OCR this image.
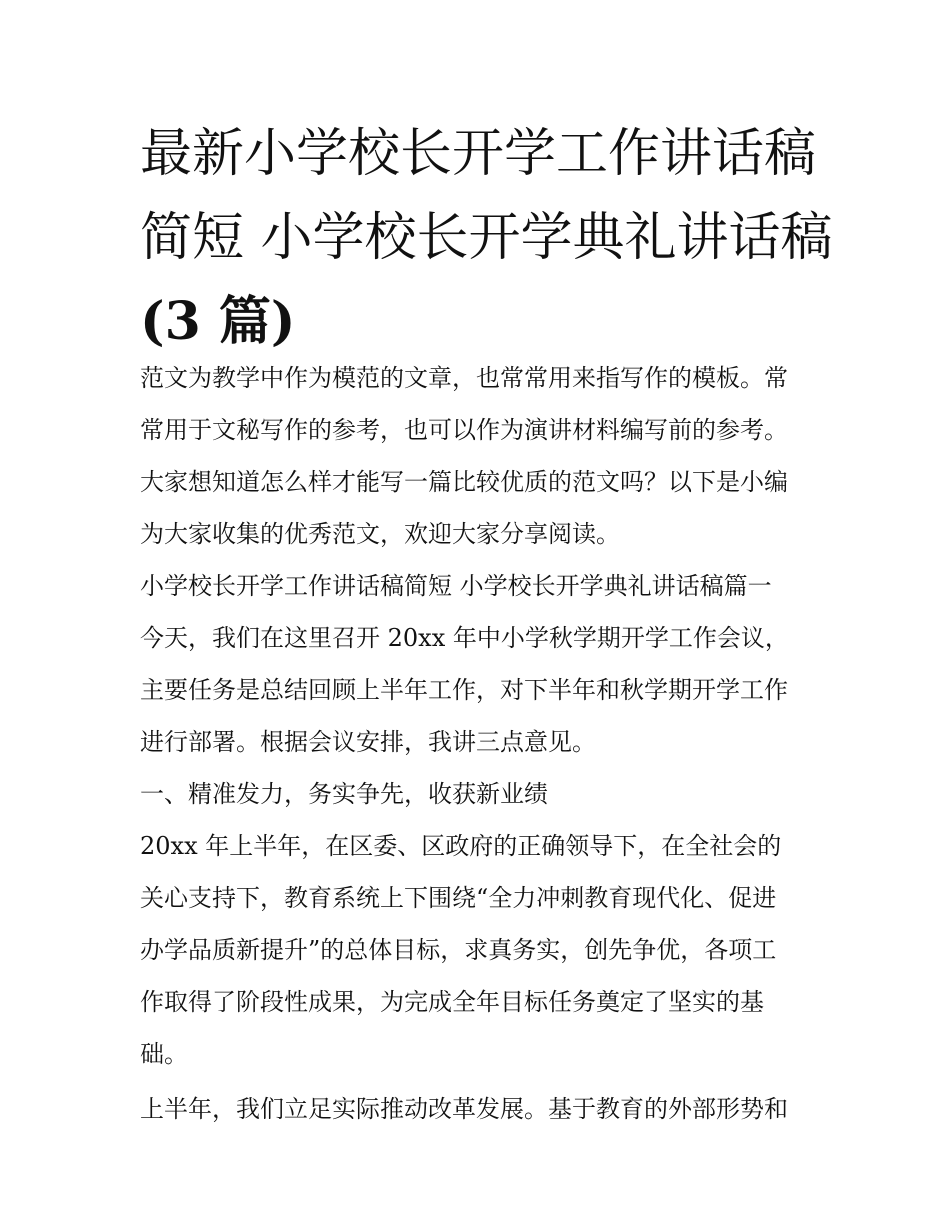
最新小学校长开学工作讲话稿
简短 小学校长开学典礼讲话稿
(3 篇)

范文为教学中作为模范的文章，也常常用来指写作的模板。常
常用于文秘写作的参考，也可以作为演讲材料编写前的参考。
大家想知道怎么样才能写一篇比较优质的范文吗？以下是小编
为大家收集的优秀范文，欢迎大家分享阅读。

小学校长开学工作讲话稿简短 小学校长开学典礼讲话稿篇一

今天，我们在这里召开 20xx 年中小学秋学期开学工作会议，
主要任务是总结回顾上半年工作，对下半年和秋学期开学工作
进行部署。根据会议安排，我讲三点意见。

一、精准发力，务实争先，收获新业绩

20xx 年上半年，在区委、区政府的正确领导下，在全社会的
关心支持下，教育系统上下围绕“全力冲刺教育现代化、促进
办学品质新提升”的总体目标，求真务实，创先争优，各项工
作取得了阶段性成果，为完成全年目标任务奠定了坚实的基
础。

上半年，我们立足实际推动改革发展。基于教育的外部形势和
